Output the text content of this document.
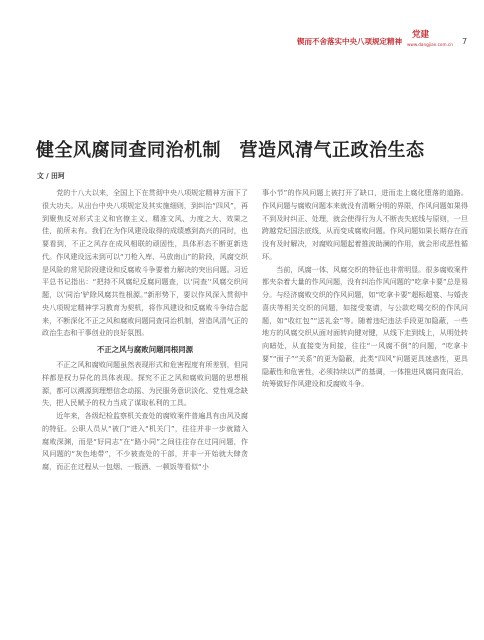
锲而不舍落实中央八项规定精神
党建
www.dangjian.com.cn 7
健全风腐同查同治机制　营造风清气正政治生态
文 / 田珂

党的十八大以来，全国上下在贯彻中央八项规定精神方面下了很大功夫。从出台中央八项规定及其实施细则，到纠治“四风”，再到聚焦反对形式主义和官僚主义、精准文风、力度之大、效果之佳，前所未有。我们在为作风建设取得的成绩感到高兴的同时，也要看到，不正之风存在成风相联的顽固性，具体形态不断更新迭代。作风建设远未到可以“刀枪入库、马放南山”的阶段，风腐交织是风险的常见阶段建设和反腐败斗争要着力解决的突出问题。习近平总书记指出：“把持不风腐纪反腐问题查，以‘同查’‘风腐交织问题，以‘同治’铲除风腐共性根源。”新形势下，要以作风深入贯彻中央八项规定精神学习教育为契机，将作风建设和反腐败斗争结合起来，不断深化不正之风和腐败问题同查同治机制，营造风清气正的政治生态和干事创业的良好氛围。

不正之风与腐败问题同根同源

不正之风和腐败问题虽然表现形式和危害程度有所差别，但同样都是权力异化的具体表现。探究不正之风和腐败问题的思想根源，都可以溯源到理想信念动摇、为民服务意识淡化、党性观念缺失，把人民赋予的权力当成了谋取私利的工具。

近年来，各级纪检监察机关查处的腐败案件普遍具有由风及腐的特征。公职人员从“被门”进入“机关门”，往往并非一步就踏入腐败深渊，而是“好同志”在“路小同”之间往往存在过同问题，作风问题的“灰色地带”，不少被查处的干部，并非一开始就大肆贪腐，而正在过程从一包烟、一瓶酒、一顿饭等看似“小

事小节”的作风问题上被打开了缺口，进而走上腐化堕落的道路。作风问题与腐败问题本来就没有清晰分明的界限，作风问题如果得不到及时纠正、处理，就会使得行为人不断丧失底线与原则，一旦跨越党纪国法底线，从而变成腐败问题。作风问题如果长期存在而没有及时解决，对腐败问题起着推波助澜的作用，就会形成恶性循环。

当前，风腐一体、风腐交织的特征也非常明显。很多腐败案件都夹杂着大量的作风问题，没有纠治作风问题的“吃拿卡要”总是易分。与经济腐败交织的作风问题，如“吃拿卡要”超标超宴、与婚丧喜庆等相关交织的问题，如接受宴请，与公款吃喝交织的作风问题，如“收红包”“送礼金”等。随着违纪违法手段更加隐蔽，一些地方的风腐交织从面对面转向键对键，从线下走到线上，从明处转向暗处，从直接变为间接，往往“一风腐不倒”的问题，“吃拿卡要”“面子”“关系”的更为隐蔽，此类“四风”问题更具迷惑性，更具隐蔽性和危害性，必须持续以严的基调，一体推进风腐同查同治，统筹做好作风建设和反腐败斗争。
